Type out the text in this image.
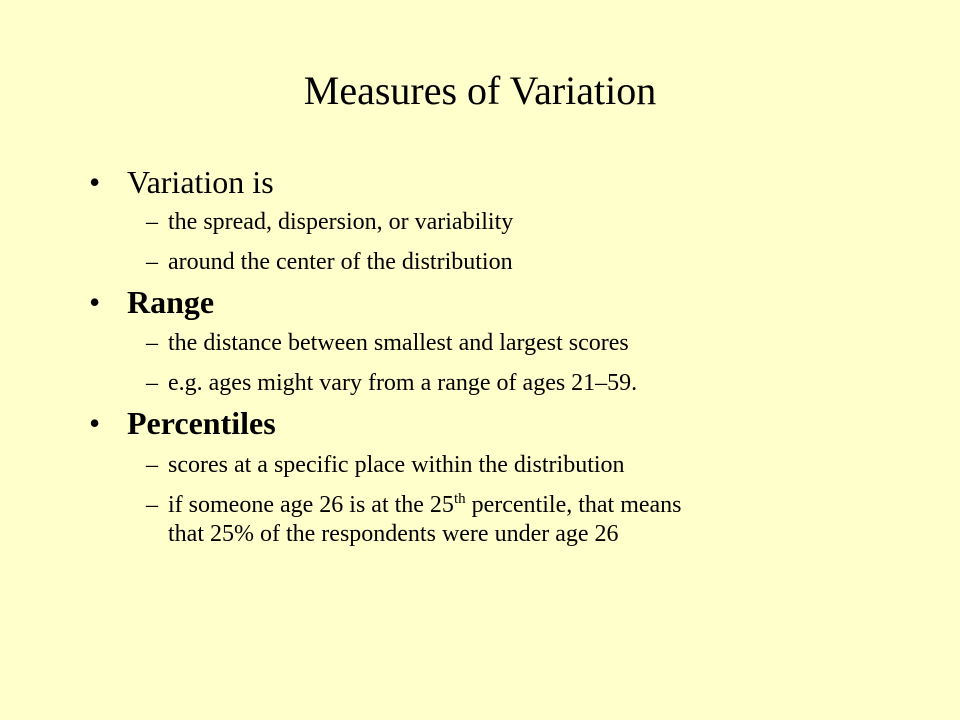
Measures of Variation
• Variation is
– the spread, dispersion, or variability
– around the center of the distribution
• Range
– the distance between smallest and largest scores
– e.g. ages might vary from a range of ages 21–59.
• Percentiles
– scores at a specific place within the distribution
– if someone age 26 is at the 25th percentile, that means
that 25% of the respondents were under age 26
